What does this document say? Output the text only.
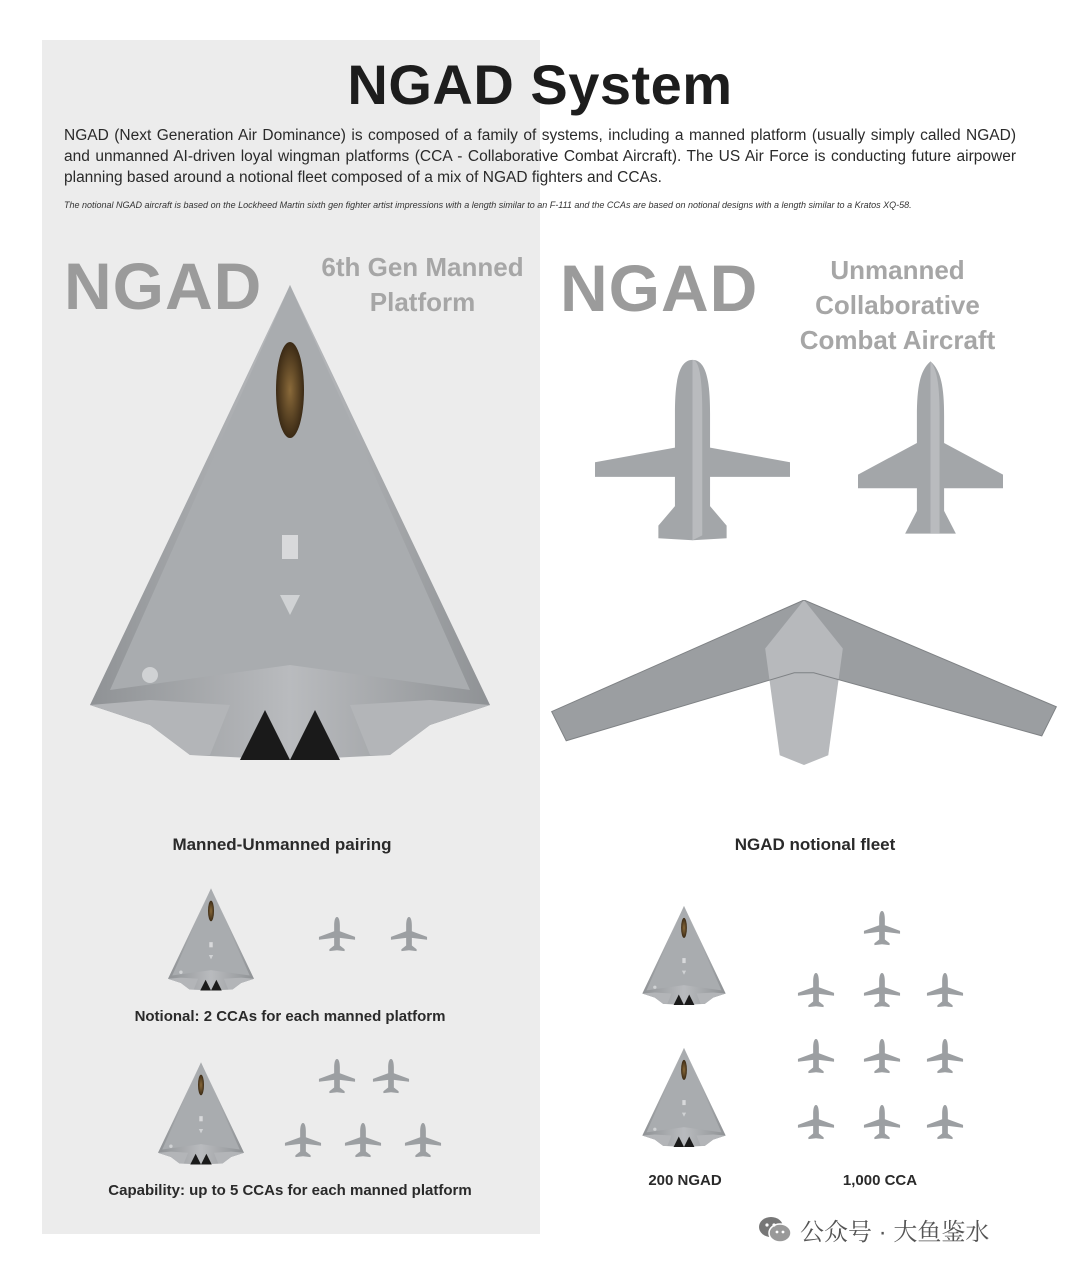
NGAD System
NGAD (Next Generation Air Dominance) is composed of a family of systems, including a manned platform (usually simply called NGAD) and unmanned AI-driven loyal wingman platforms (CCA - Collaborative Combat Aircraft). The US Air Force is conducting future airpower planning based around a notional fleet composed of a mix of NGAD fighters and CCAs.
The notional NGAD aircraft is based on the Lockheed Martin sixth gen fighter artist impressions with a length similar to an F-111 and the CCAs are based on notional designs with a length similar to a Kratos XQ-58.
NGAD	6th Gen Manned
Platform	NGAD	Unmanned Collaborative
Combat Aircraft
Manned-Unmanned pairing	NGAD notional fleet
Notional: 2 CCAs for each manned platform
Capability: up to 5 CCAs for each manned platform
200 NGAD	1,000 CCA
公众号 · 大鱼鉴水
